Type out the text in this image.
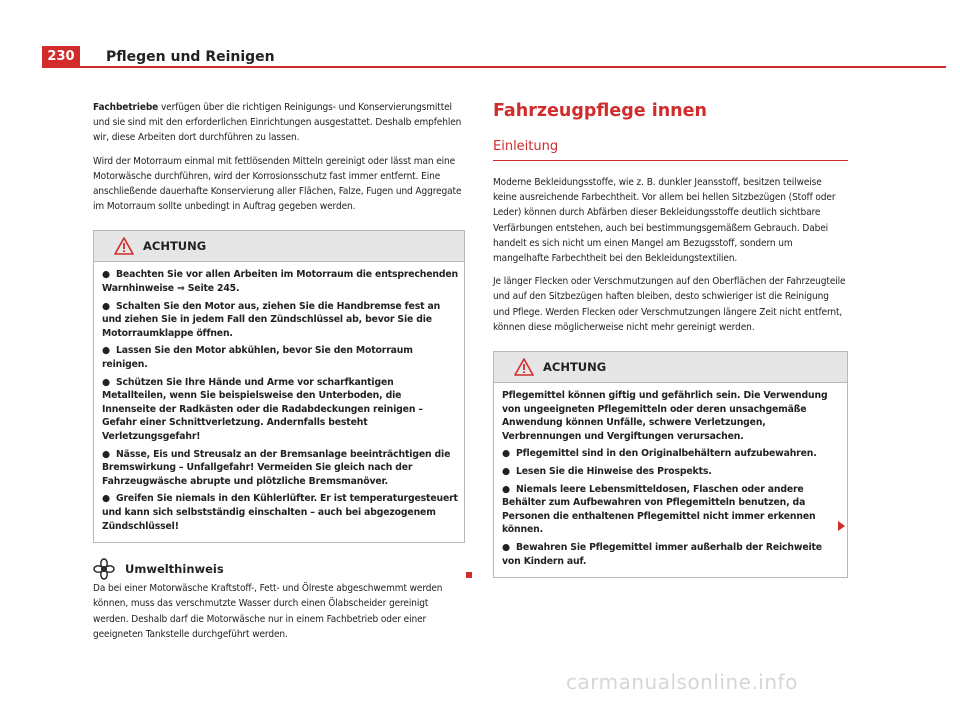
230	Pflegen und Reinigen

Fachbetriebe verfügen über die richtigen Reinigungs- und Konservierungsmittel und sie sind mit den erforderlichen Einrichtungen ausgestattet. Deshalb empfehlen wir, diese Arbeiten dort durchführen zu lassen.

Wird der Motorraum einmal mit fettlösenden Mitteln gereinigt oder lässt man eine Motorwäsche durchführen, wird der Korrosionsschutz fast immer entfernt. Eine anschließende dauerhafte Konservierung aller Flächen, Falze, Fugen und Aggregate im Motorraum sollte unbedingt in Auftrag gegeben werden.

ACHTUNG
● Beachten Sie vor allen Arbeiten im Motorraum die entsprechenden Warnhinweise ⇒ Seite 245.
● Schalten Sie den Motor aus, ziehen Sie die Handbremse fest an und ziehen Sie in jedem Fall den Zündschlüssel ab, bevor Sie die Motorraumklappe öffnen.
● Lassen Sie den Motor abkühlen, bevor Sie den Motorraum reinigen.
● Schützen Sie Ihre Hände und Arme vor scharfkantigen Metallteilen, wenn Sie beispielsweise den Unterboden, die Innenseite der Radkästen oder die Radabdeckungen reinigen – Gefahr einer Schnittverletzung. Andernfalls besteht Verletzungsgefahr!
● Nässe, Eis und Streusalz an der Bremsanlage beeinträchtigen die Bremswirkung – Unfallgefahr! Vermeiden Sie gleich nach der Fahrzeugwäsche abrupte und plötzliche Bremsmanöver.
● Greifen Sie niemals in den Kühlerlüfter. Er ist temperaturgesteuert und kann sich selbstständig einschalten – auch bei abgezogenem Zündschlüssel!
Umwelthinweis

Da bei einer Motorwäsche Kraftstoff-, Fett- und Ölreste abgeschwemmt werden können, muss das verschmutzte Wasser durch einen Ölabscheider gereinigt werden. Deshalb darf die Motorwäsche nur in einem Fachbetrieb oder einer geeigneten Tankstelle durchgeführt werden.

Fahrzeugpflege innen
Einleitung

Moderne Bekleidungsstoffe, wie z. B. dunkler Jeansstoff, besitzen teilweise keine ausreichende Farbechtheit. Vor allem bei hellen Sitzbezügen (Stoff oder Leder) können durch Abfärben dieser Bekleidungsstoffe deutlich sichtbare Verfärbungen entstehen, auch bei bestimmungsgemäßem Gebrauch. Dabei handelt es sich nicht um einen Mangel am Bezugsstoff, sondern um mangelhafte Farbechtheit bei den Bekleidungstextilien.

Je länger Flecken oder Verschmutzungen auf den Oberflächen der Fahrzeugteile und auf den Sitzbezügen haften bleiben, desto schwieriger ist die Reinigung und Pflege. Werden Flecken oder Verschmutzungen längere Zeit nicht entfernt, können diese möglicherweise nicht mehr gereinigt werden.

ACHTUNG
Pflegemittel können giftig und gefährlich sein. Die Verwendung von ungeeigneten Pflegemitteln oder deren unsachgemäße Anwendung können Unfälle, schwere Verletzungen, Verbrennungen und Vergiftungen verursachen.
● Pflegemittel sind in den Originalbehältern aufzubewahren.
● Lesen Sie die Hinweise des Prospekts.
● Niemals leere Lebensmitteldosen, Flaschen oder andere Behälter zum Aufbewahren von Pflegemitteln benutzen, da Personen die enthaltenen Pflegemittel nicht immer erkennen können.
● Bewahren Sie Pflegemittel immer außerhalb der Reichweite von Kindern auf.
carmanualsonline.info
